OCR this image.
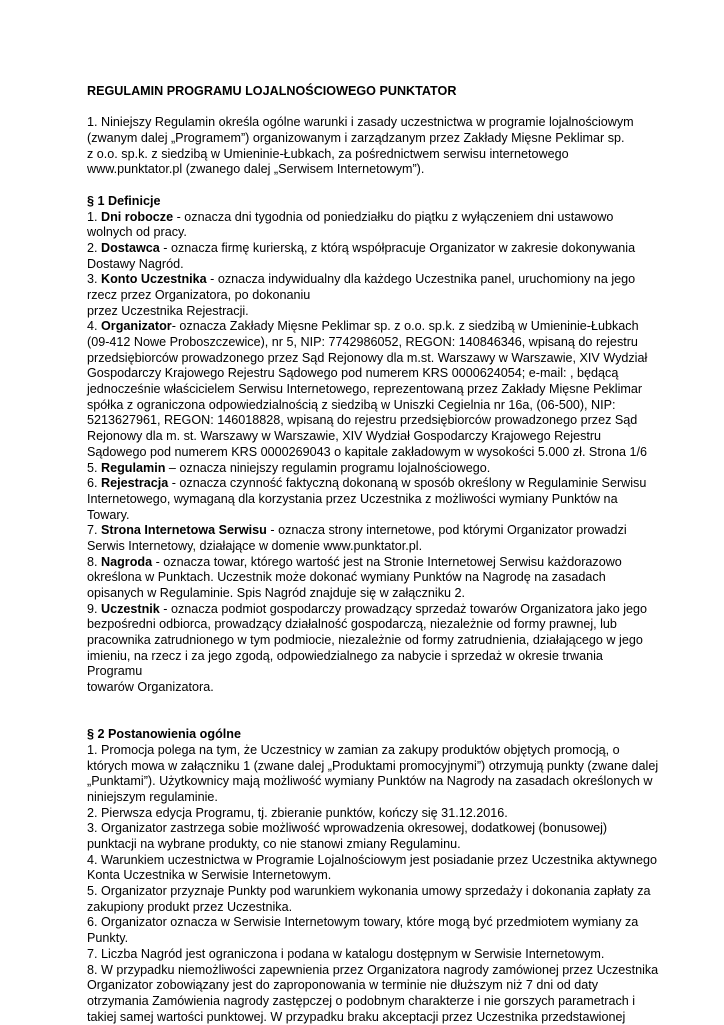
REGULAMIN PROGRAMU LOJALNOŚCIOWEGO PUNKTATOR
1. Niniejszy Regulamin określa ogólne warunki i zasady uczestnictwa w programie lojalnościowym
(zwanym dalej „Programem”) organizowanym i zarządzanym przez Zakłady Mięsne Peklimar sp.
z o.o. sp.k. z siedzibą w Umieninie-Łubkach, za pośrednictwem serwisu internetowego
www.punktator.pl (zwanego dalej „Serwisem Internetowym”).
§ 1 Definicje
1. Dni robocze - oznacza dni tygodnia od poniedziałku do piątku z wyłączeniem dni ustawowo
wolnych od pracy.
2. Dostawca - oznacza firmę kurierską, z którą współpracuje Organizator w zakresie dokonywania
Dostawy Nagród.
3. Konto Uczestnika - oznacza indywidualny dla każdego Uczestnika panel, uruchomiony na jego
rzecz przez Organizatora, po dokonaniu
przez Uczestnika Rejestracji.
4. Organizator- oznacza Zakłady Mięsne Peklimar sp. z o.o. sp.k. z siedzibą w Umieninie-Łubkach
(09-412 Nowe Proboszczewice), nr 5, NIP: 7742986052, REGON: 140846346, wpisaną do rejestru
przedsiębiorców prowadzonego przez Sąd Rejonowy dla m.st. Warszawy w Warszawie, XIV Wydział
Gospodarczy Krajowego Rejestru Sądowego pod numerem KRS 0000624054; e-mail: , będącą
jednocześnie właścicielem Serwisu Internetowego, reprezentowaną przez Zakłady Mięsne Peklimar
spółka z ograniczona odpowiedzialnością z siedzibą w Uniszki Cegielnia nr 16a, (06-500), NIP:
5213627961, REGON: 146018828, wpisaną do rejestru przedsiębiorców prowadzonego przez Sąd
Rejonowy dla m. st. Warszawy w Warszawie, XIV Wydział Gospodarczy Krajowego Rejestru
Sądowego pod numerem KRS 0000269043 o kapitale zakładowym w wysokości 5.000 zł. Strona 1/6
5. Regulamin – oznacza niniejszy regulamin programu lojalnościowego.
6. Rejestracja - oznacza czynność faktyczną dokonaną w sposób określony w Regulaminie Serwisu
Internetowego, wymaganą dla korzystania przez Uczestnika z możliwości wymiany Punktów na
Towary.
7. Strona Internetowa Serwisu - oznacza strony internetowe, pod którymi Organizator prowadzi
Serwis Internetowy, działające w domenie www.punktator.pl.
8. Nagroda - oznacza towar, którego wartość jest na Stronie Internetowej Serwisu każdorazowo
określona w Punktach. Uczestnik może dokonać wymiany Punktów na Nagrodę na zasadach
opisanych w Regulaminie. Spis Nagród znajduje się w załączniku 2.
9. Uczestnik - oznacza podmiot gospodarczy prowadzący sprzedaż towarów Organizatora jako jego
bezpośredni odbiorca, prowadzący działalność gospodarczą, niezależnie od formy prawnej, lub
pracownika zatrudnionego w tym podmiocie, niezależnie od formy zatrudnienia, działającego w jego
imieniu, na rzecz i za jego zgodą, odpowiedzialnego za nabycie i sprzedaż w okresie trwania
Programu
towarów Organizatora.
§ 2 Postanowienia ogólne
1. Promocja polega na tym, że Uczestnicy w zamian za zakupy produktów objętych promocją, o
których mowa w załączniku 1 (zwane dalej „Produktami promocyjnymi”) otrzymują punkty (zwane dalej
„Punktami”). Użytkownicy mają możliwość wymiany Punktów na Nagrody na zasadach określonych w
niniejszym regulaminie.
2. Pierwsza edycja Programu, tj. zbieranie punktów, kończy się 31.12.2016.
3. Organizator zastrzega sobie możliwość wprowadzenia okresowej, dodatkowej (bonusowej)
punktacji na wybrane produkty, co nie stanowi zmiany Regulaminu.
4. Warunkiem uczestnictwa w Programie Lojalnościowym jest posiadanie przez Uczestnika aktywnego
Konta Uczestnika w Serwisie Internetowym.
5. Organizator przyznaje Punkty pod warunkiem wykonania umowy sprzedaży i dokonania zapłaty za
zakupiony produkt przez Uczestnika.
6. Organizator oznacza w Serwisie Internetowym towary, które mogą być przedmiotem wymiany za
Punkty.
7. Liczba Nagród jest ograniczona i podana w katalogu dostępnym w Serwisie Internetowym.
8. W przypadku niemożliwości zapewnienia przez Organizatora nagrody zamówionej przez Uczestnika
Organizator zobowiązany jest do zaproponowania w terminie nie dłuższym niż 7 dni od daty
otrzymania Zamówienia nagrody zastępczej o podobnym charakterze i nie gorszych parametrach i
takiej samej wartości punktowej. W przypadku braku akceptacji przez Uczestnika przedstawionej
